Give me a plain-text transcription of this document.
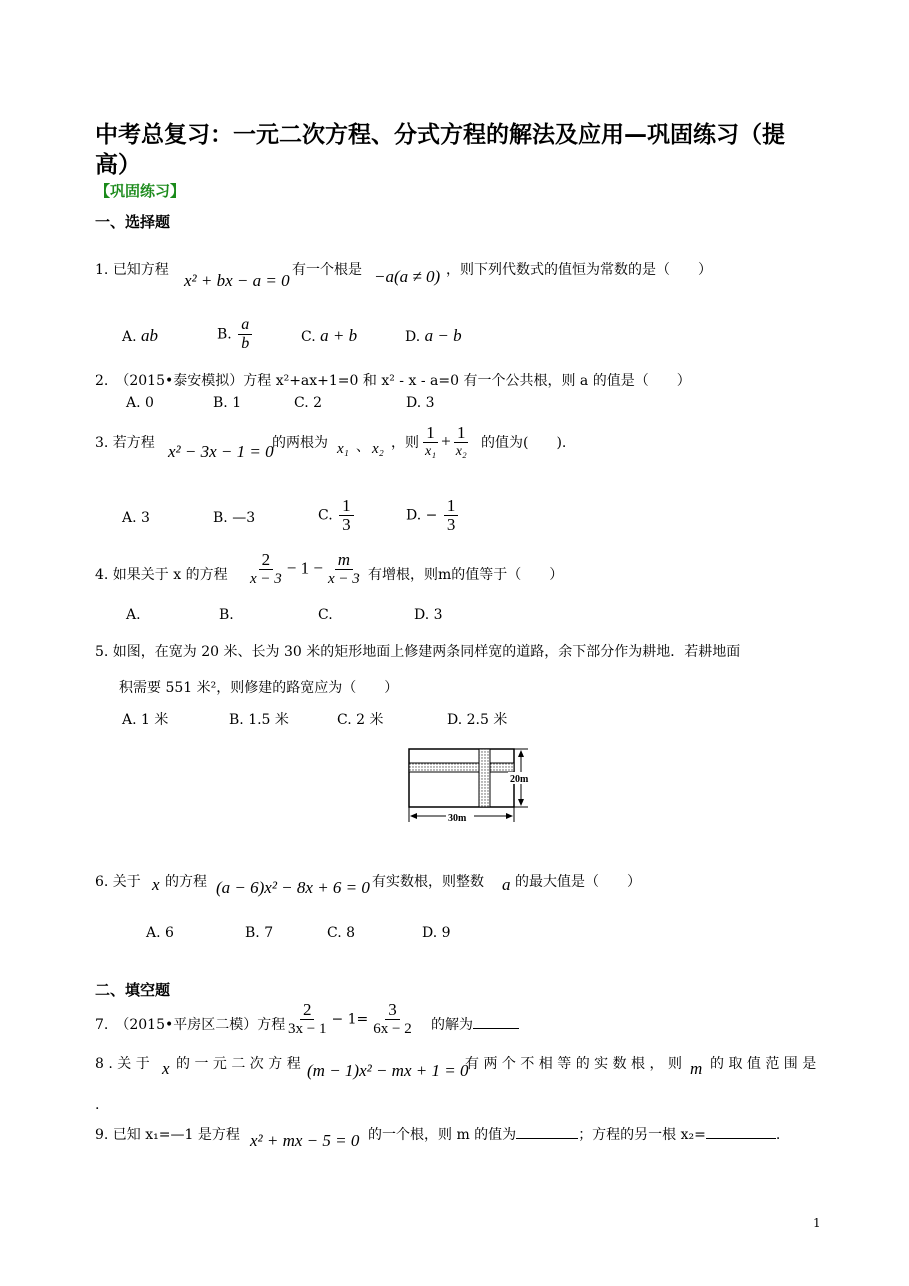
中考总复习：一元二次方程、分式方程的解法及应用—巩固练习（提
高）
【巩固练习】
一、选择题
1. 已知方程
x² + bx − a = 0
有一个根是 −a(a ≠ 0) ，则下列代数式的值恒为常数的是（　　）
A. ab	B. $\frac{a}{b}$	C. a + b	D. a − b
2.　（2015•泰安模拟）方程 x²+ax+1=0 和 x² - x - a=0 有一个公共根，则 a 的值是（　　）
A. 0	B. 1	C. 2	D. 3
3. 若方程 x² − 3x − 1 = 0
的两根为 x₁ 、 x₂ ，则 $\frac{1}{\text{x₁}} + \frac{1}{\text{x₂}}$ 的值为(　　).
A. 3	B. —3	C. $\frac{1}{3}$	D. − $\frac{1}{3}$
4. 如果关于 x 的方程 $\frac{2}{x - 3} - 1 - \frac{m}{x - 3}$ 有增根，则m的值等于（　　）
A.	B.	C.	D. 3
5. 如图，在宽为 20 米、长为 30 米的矩形地面上修建两条同样宽的道路，余下部分作为耕地．若耕地面
积需要 551 米²，则修建的路宽应为（　　）
A. 1 米	B. 1.5 米	C. 2 米	D. 2.5 米
20m
30m
6. 关于 x 的方程 (a − 6)x² − 8x + 6 = 0 有实数根，则整数 a 的最大值是（　　）
A. 6	B. 7	C. 8	D. 9
二、填空题
7.　（2015•平房区二模）方程 $\frac{2}{3x - 1} - 1= \frac{3}{6x - 2}$ 的解为
8 . 关 于 x 的 一 元 二 次 方 程 (m − 1)x² − mx + 1 = 0
有 两 个 不 相 等 的 实 数 根 ， 则 m 的 取 值 范 围 是
.
9. 已知 x₁=—1 是方程 x² + mx − 5 = 0 的一个根，则 m 的值为	；方程的另一根 x₂=	.
1
